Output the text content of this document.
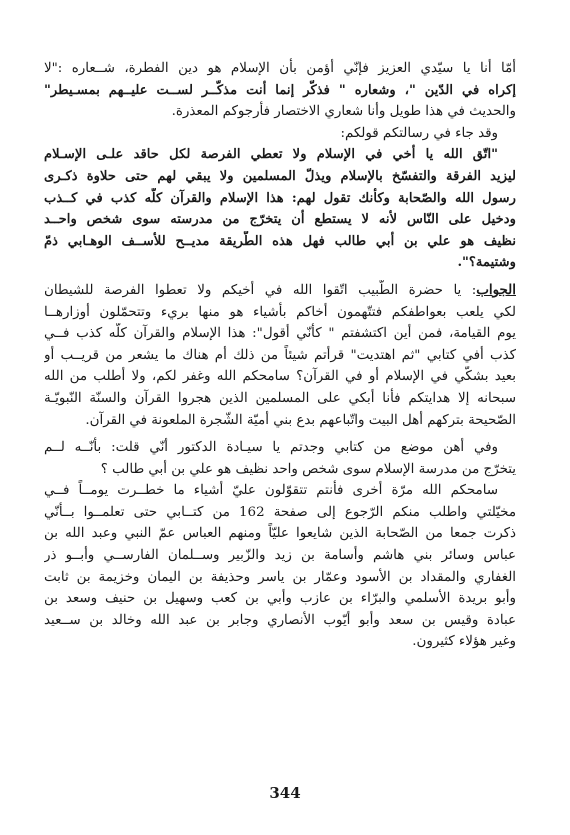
أمّا أنا يا سيّدي العزيز فإنّي أؤمن بأن الإسلام هو دين الفطرة، شــعاره :"لا
إكراه في الدّين "، وشعاره " فذكّر إنما أنت مذكّــر لســت عليــهم بمسـيطر"
والحديث في هذا طويل وأنا شعاري الاختصار فأرجوكم المعذرة.
وقد جاء في رسالتكم قولكم:
"اتّق الله يا أخي في الإسلام ولا تعطي الفرصة لكل حاقد علـى الإسـلام
ليزيد الفرقة والتفسّخ بالإسلام ويذلّ المسلمين ولا يبقي لهم حتى حلاوة ذكـرى
رسول الله والصّحابة وكأنك تقول لهم: هذا الإسلام والقرآن كلّه كذب في كــذب
ودخيل على النّاس لأنه لا يستطع أن يتخرّج من مدرسته سوى شخص واحــد
نظيف هو علي بن أبي طالب فهل هذه الطّريقة مديــح للأســف الوهـابي ذمّ
وشتيمة؟".
الجواب: يا حضرة الطّبيب اتّقوا الله في أخيكم ولا تعطوا الفرصة للشيطان
لكي يلعب بعواطفكم فتتّهمون أخاكم بأشياء هو منها بريء وتتحمّلون أوزارهــا
يوم القيامة، فمن أين اكتشفتم " كأنّي أقول": هذا الإسلام والقرآن كلّه كذب فــي
كذب أفي كتابي "ثم اهتديت" قرأتم شيئاً من ذلك أم هناك ما يشعر من قريــب أو
بعيد بشكّي في الإسلام أو في القرآن؟ سامحكم الله وغفر لكم، ولا أطلب من الله
سبحانه إلا هدايتكم فأنا أبكي على المسلمين الذين هجروا القرآن والسنّة النّبويّـة
الصّحيحة بتركهم أهل البيت واتّباعهم بدع بني أميّة الشّجرة الملعونة في القرآن.
وفي أهن موضع من كتابي وجدتم يا سيـادة الدكتور أنّي قلت: بأنّــه لــم
يتخرّج من مدرسة الإسلام سوى شخص واحد نظيف هو علي بن أبي طالب ؟
سامحكم الله مرّة أخرى فأنتم تتقوّلون عليّ أشياء ما خطــرت يومــاً فــي
مخيّلتي واطلب منكم الرّجوع إلى صفحة 162 من كتــابي حتى تعلمــوا بــأنّي
ذكرت جمعا من الصّحابة الذين شايعوا عليّاً ومنهم العباس عمّ النبي وعبد الله بن
عباس وسائر بني هاشم وأسامة بن زيد والزّبير وســلمان الفارســي وأبــو ذر
الغفاري والمقداد بن الأسود وعمّار بن ياسر وحذيفة بن اليمان وخزيمة بن ثابت
وأبو بريدة الأسلمي والبرّاء بن عازب وأبي بن كعب وسهيل بن حنيف وسعد بن
عبادة وقيس بن سعد وأبو أيّوب الأنصاري وجابر بن عبد الله وخالد بن ســعيد
وغير هؤلاء كثيرون.
344
